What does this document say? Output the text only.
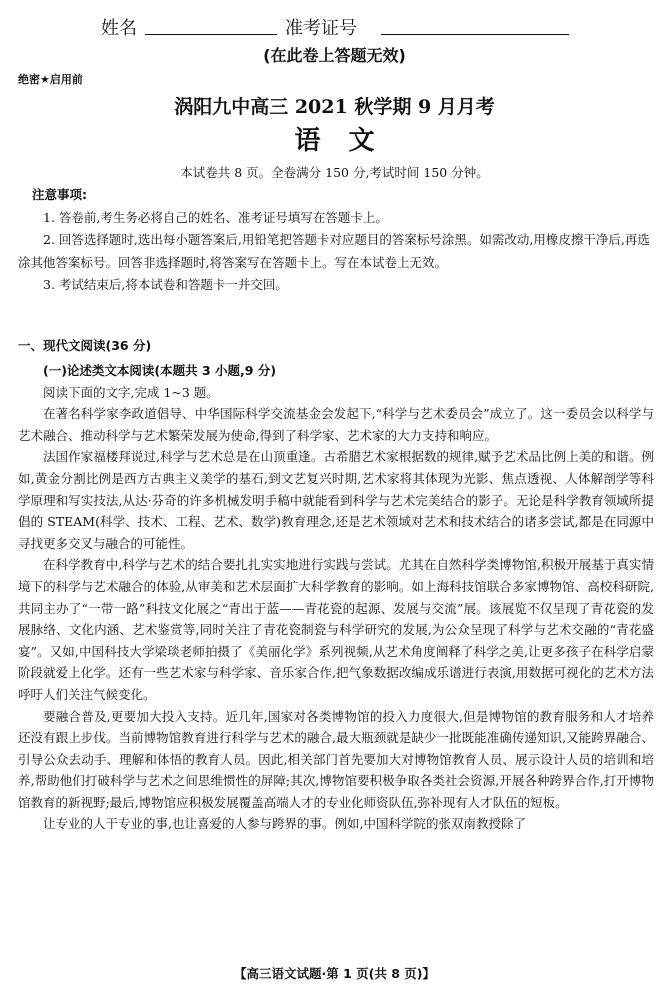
姓名	准考证号
(在此卷上答题无效)
绝密★启用前
涡阳九中高三 2021 秋学期 9 月月考
语文
本试卷共 8 页。全卷满分 150 分,考试时间 150 分钟。
注意事项:

1. 答卷前,考生务必将自己的姓名、准考证号填写在答题卡上。

2. 回答选择题时,选出每小题答案后,用铅笔把答题卡对应题目的答案标号涂黑。如需改动,用橡皮擦干净后,再选涂其他答案标号。回答非选择题时,将答案写在答题卡上。写在本试卷上无效。

3. 考试结束后,将本试卷和答题卡一并交回。

一、现代文阅读(36 分)

(一)论述类文本阅读(本题共 3 小题,9 分)

阅读下面的文字,完成 1~3 题。

在著名科学家李政道倡导、中华国际科学交流基金会发起下,“科学与艺术委员会”成立了。这一委员会以科学与艺术融合、推动科学与艺术繁荣发展为使命,得到了科学家、艺术家的大力支持和响应。

法国作家福楼拜说过,科学与艺术总是在山顶重逢。古希腊艺术家根据数的规律,赋予艺术品比例上美的和谐。例如,黄金分割比例是西方古典主义美学的基石,到文艺复兴时期,艺术家将其体现为光影、焦点透视、人体解剖学等科学原理和写实技法,从达·芬奇的许多机械发明手稿中就能看到科学与艺术完美结合的影子。无论是科学教育领域所提倡的 STEAM(科学、技术、工程、艺术、数学)教育理念,还是艺术领域对艺术和技术结合的诸多尝试,都是在同源中寻找更多交叉与融合的可能性。

在科学教育中,科学与艺术的结合要扎扎实实地进行实践与尝试。尤其在自然科学类博物馆,积极开展基于真实情境下的科学与艺术融合的体验,从审美和艺术层面扩大科学教育的影响。如上海科技馆联合多家博物馆、高校科研院,共同主办了“一带一路”科技文化展之“青出于蓝——青花瓷的起源、发展与交流”展。该展览不仅呈现了青花瓷的发展脉络、文化内涵、艺术鉴赏等,同时关注了青花瓷制瓷与科学研究的发展,为公众呈现了科学与艺术交融的“青花盛宴”。又如,中国科技大学梁琰老师拍摄了《美丽化学》系列视频,从艺术角度阐释了科学之美,让更多孩子在科学启蒙阶段就爱上化学。还有一些艺术家与科学家、音乐家合作,把气象数据改编成乐谱进行表演,用数据可视化的艺术方法呼吁人们关注气候变化。

要融合普及,更要加大投入支持。近几年,国家对各类博物馆的投入力度很大,但是博物馆的教育服务和人才培养还没有跟上步伐。当前博物馆教育进行科学与艺术的融合,最大瓶颈就是缺少一批既能准确传递知识,又能跨界融合、引导公众去动手、理解和体悟的教育人员。因此,相关部门首先要加大对博物馆教育人员、展示设计人员的培训和培养,帮助他们打破科学与艺术之间思维惯性的屏障;其次,博物馆要积极争取各类社会资源,开展各种跨界合作,打开博物馆教育的新视野;最后,博物馆应积极发展覆盖高端人才的专业化师资队伍,弥补现有人才队伍的短板。

让专业的人干专业的事,也让喜爱的人参与跨界的事。例如,中国科学院的张双南教授除了

【高三语文试题·第 1 页(共 8 页)】
